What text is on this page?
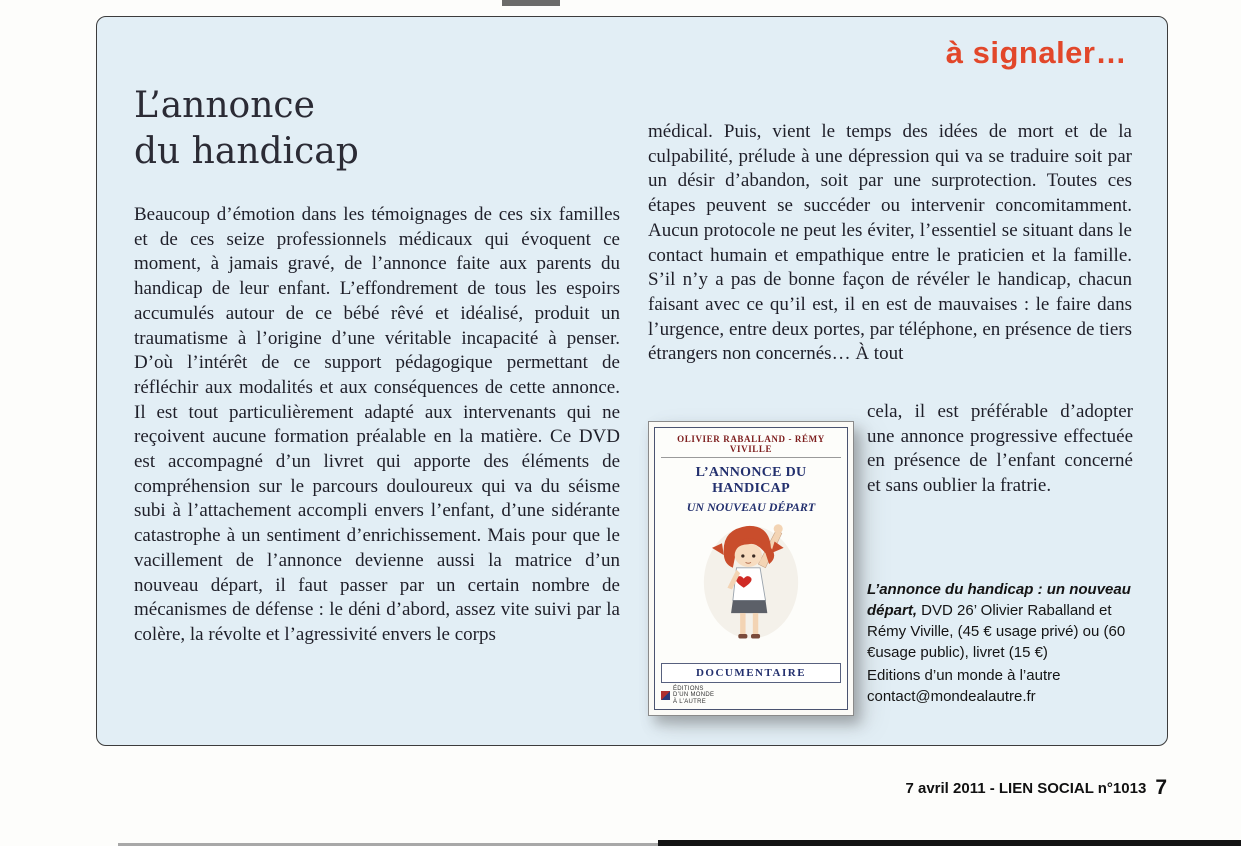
à signaler…
L’annonce
du handicap
Beaucoup d’émotion dans les témoignages de ces six familles et de ces seize professionnels médicaux qui évoquent ce moment, à jamais gravé, de l’annonce faite aux parents du handicap de leur enfant. L’effondrement de tous les espoirs accumulés autour de ce bébé rêvé et idéalisé, produit un traumatisme à l’origine d’une véritable incapacité à penser. D’où l’intérêt de ce support pédagogique permettant de réfléchir aux modalités et aux conséquences de cette annonce. Il est tout particulièrement adapté aux intervenants qui ne reçoivent aucune formation préalable en la matière. Ce DVD est accompagné d’un livret qui apporte des éléments de compréhension sur le parcours douloureux qui va du séisme subi à l’attachement accompli envers l’enfant, d’une sidérante catastrophe à un sentiment d’enrichissement. Mais pour que le vacillement de l’annonce devienne aussi la matrice d’un nouveau départ, il faut passer par un certain nombre de mécanismes de défense : le déni d’abord, assez vite suivi par la colère, la révolte et l’agressivité envers le corps
médical. Puis, vient le temps des idées de mort et de la culpabilité, prélude à une dépression qui va se traduire soit par un désir d’abandon, soit par une surprotection. Toutes ces étapes peuvent se succéder ou intervenir concomitamment. Aucun protocole ne peut les éviter, l’essentiel se situant dans le contact humain et empathique entre le praticien et la famille. S’il n’y a pas de bonne façon de révéler le handicap, chacun faisant avec ce qu’il est, il en est de mauvaises : le faire dans l’urgence, entre deux portes, par téléphone, en présence de tiers étrangers non concernés… À tout
cela, il est préférable d’adopter une annonce progressive effectuée en présence de l’enfant concerné et sans oublier la fratrie.
OLIVIER RABALLAND - RÉMY VIVILLE
L’ANNONCE DU HANDICAP
UN NOUVEAU DÉPART
DOCUMENTAIRE
ÉDITIONS
D’UN MONDE
À L’AUTRE
L’annonce du handicap : un nouveau départ, DVD 26’ Olivier Raballand et Rémy Viville, (45 € usage privé) ou (60 €usage public), livret (15 €)
Editions d’un monde à l’autre
contact@mondealautre.fr
7 avril 2011 - LIEN SOCIAL n°1013 7
